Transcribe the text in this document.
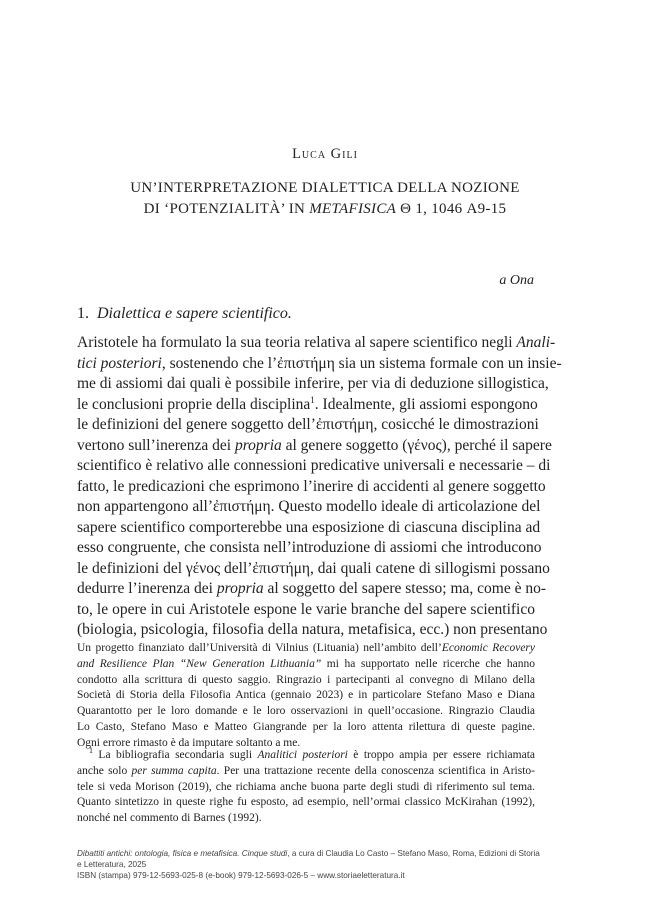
Luca Gili
UN’INTERPRETAZIONE DIALETTICA DELLA NOZIONE
DI ‘POTENZIALITÀ’ IN METAFISICA Θ 1, 1046 A9-15
a Ona
1. Dialettica e sapere scientifico.
Aristotele ha formulato la sua teoria relativa al sapere scientifico negli Anali-
tici posteriori, sostenendo che l’ἐπιστήμη sia un sistema formale con un insie-
me di assiomi dai quali è possibile inferire, per via di deduzione sillogistica,
le conclusioni proprie della disciplina$^1$. Idealmente, gli assiomi espongono
le definizioni del genere soggetto dell’ἐπιστήμη, cosicché le dimostrazioni
vertono sull’inerenza dei propria al genere soggetto (γένος), perché il sapere
scientifico è relativo alle connessioni predicative universali e necessarie – di
fatto, le predicazioni che esprimono l’inerire di accidenti al genere soggetto
non appartengono all’ἐπιστήμη. Questo modello ideale di articolazione del
sapere scientifico comporterebbe una esposizione di ciascuna disciplina ad
esso congruente, che consista nell’introduzione di assiomi che introducono
le definizioni del γένος dell’ἐπιστήμη, dai quali catene di sillogismi possano
dedurre l’inerenza dei propria al soggetto del sapere stesso; ma, come è no-
to, le opere in cui Aristotele espone le varie branche del sapere scientifico
(biologia, psicologia, filosofia della natura, metafisica, ecc.) non presentano
Un progetto finanziato dall’Università di Vilnius (Lituania) nell’ambito dell’Economic Recovery
and Resilience Plan “New Generation Lithuania” mi ha supportato nelle ricerche che hanno
condotto alla scrittura di questo saggio. Ringrazio i partecipanti al convegno di Milano della
Società di Storia della Filosofia Antica (gennaio 2023) e in particolare Stefano Maso e Diana
Quarantotto per le loro domande e le loro osservazioni in quell’occasione. Ringrazio Claudia
Lo Casto, Stefano Maso e Matteo Giangrande per la loro attenta rilettura di queste pagine.
Ogni errore rimasto è da imputare soltanto a me.
$^1$ La bibliografia secondaria sugli Analitici posteriori è troppo ampia per essere richiamata
anche solo per summa capita. Per una trattazione recente della conoscenza scientifica in Aristo-
tele si veda Morison (2019), che richiama anche buona parte degli studi di riferimento sul tema.
Quanto sintetizzo in queste righe fu esposto, ad esempio, nell’ormai classico McKirahan (1992),
nonché nel commento di Barnes (1992).
Dibattiti antichi: ontologia, fisica e metafisica. Cinque studi, a cura di Claudia Lo Casto – Stefano Maso, Roma, Edizioni di Storia
e Letteratura, 2025
ISBN (stampa) 979-12-5693-025-8 (e-book) 979-12-5693-026-5 – www.storiaeletteratura.it
